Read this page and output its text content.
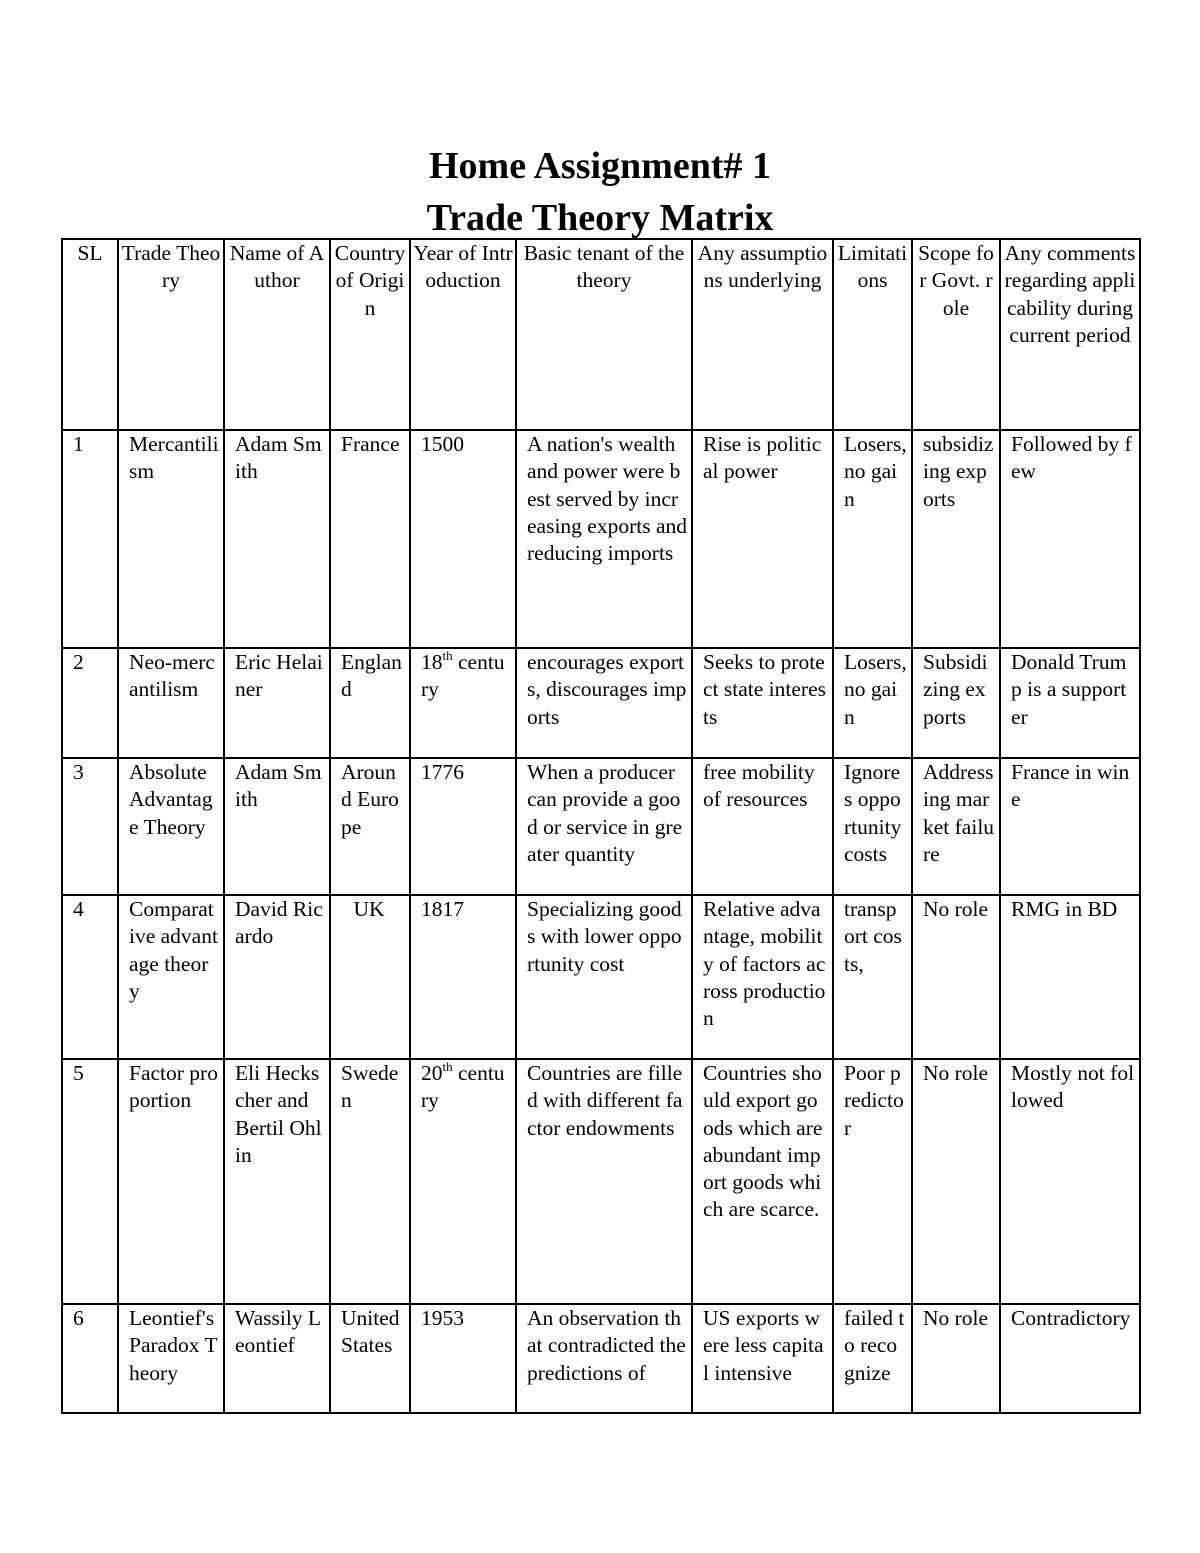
Home Assignment# 1
Trade Theory Matrix
SL	Trade Theory	Name of Author	Country of Origin	Year of Introduction	Basic tenant of the theory	Any assumptions underlying	Limitations	Scope for Govt. role	Any comments regarding applicability during current period
1	Mercantilism	Adam Smith	France	1500	A nation's wealth and power were best served by increasing exports and reducing imports	Rise is political power	Losers, no gain	subsidizing exports	Followed by few
2	Neo-mercantilism	Eric Helainer	England	18th century	encourages exports, discourages imports	Seeks to protect state interests	Losers, no gain	Subsidizing exports	Donald Trump is a supporter
3	Absolute Advantage Theory	Adam Smith	Around Europe	1776	When a producer can provide a good or service in greater quantity	free mobility of resources	Ignores opportunity costs	Addressing market failure	France in wine
4	Comparative advantage theory	David Ricardo	UK	1817	Specializing goods with lower opportunity cost	Relative advantage, mobility of factors across production	transport costs,	No role	RMG in BD
5	Factor proportion	Eli Heckscher and Bertil Ohlin	Sweden	20th century	Countries are filled with different factor endowments	Countries should export goods which are abundant import goods which are scarce.	Poor predictor	No role	Mostly not followed
6	Leontief's Paradox Theory	Wassily Leontief	United States	1953	An observation that contradicted the predictions of	US exports were less capital intensive	failed to recognize	No role	Contradictory
